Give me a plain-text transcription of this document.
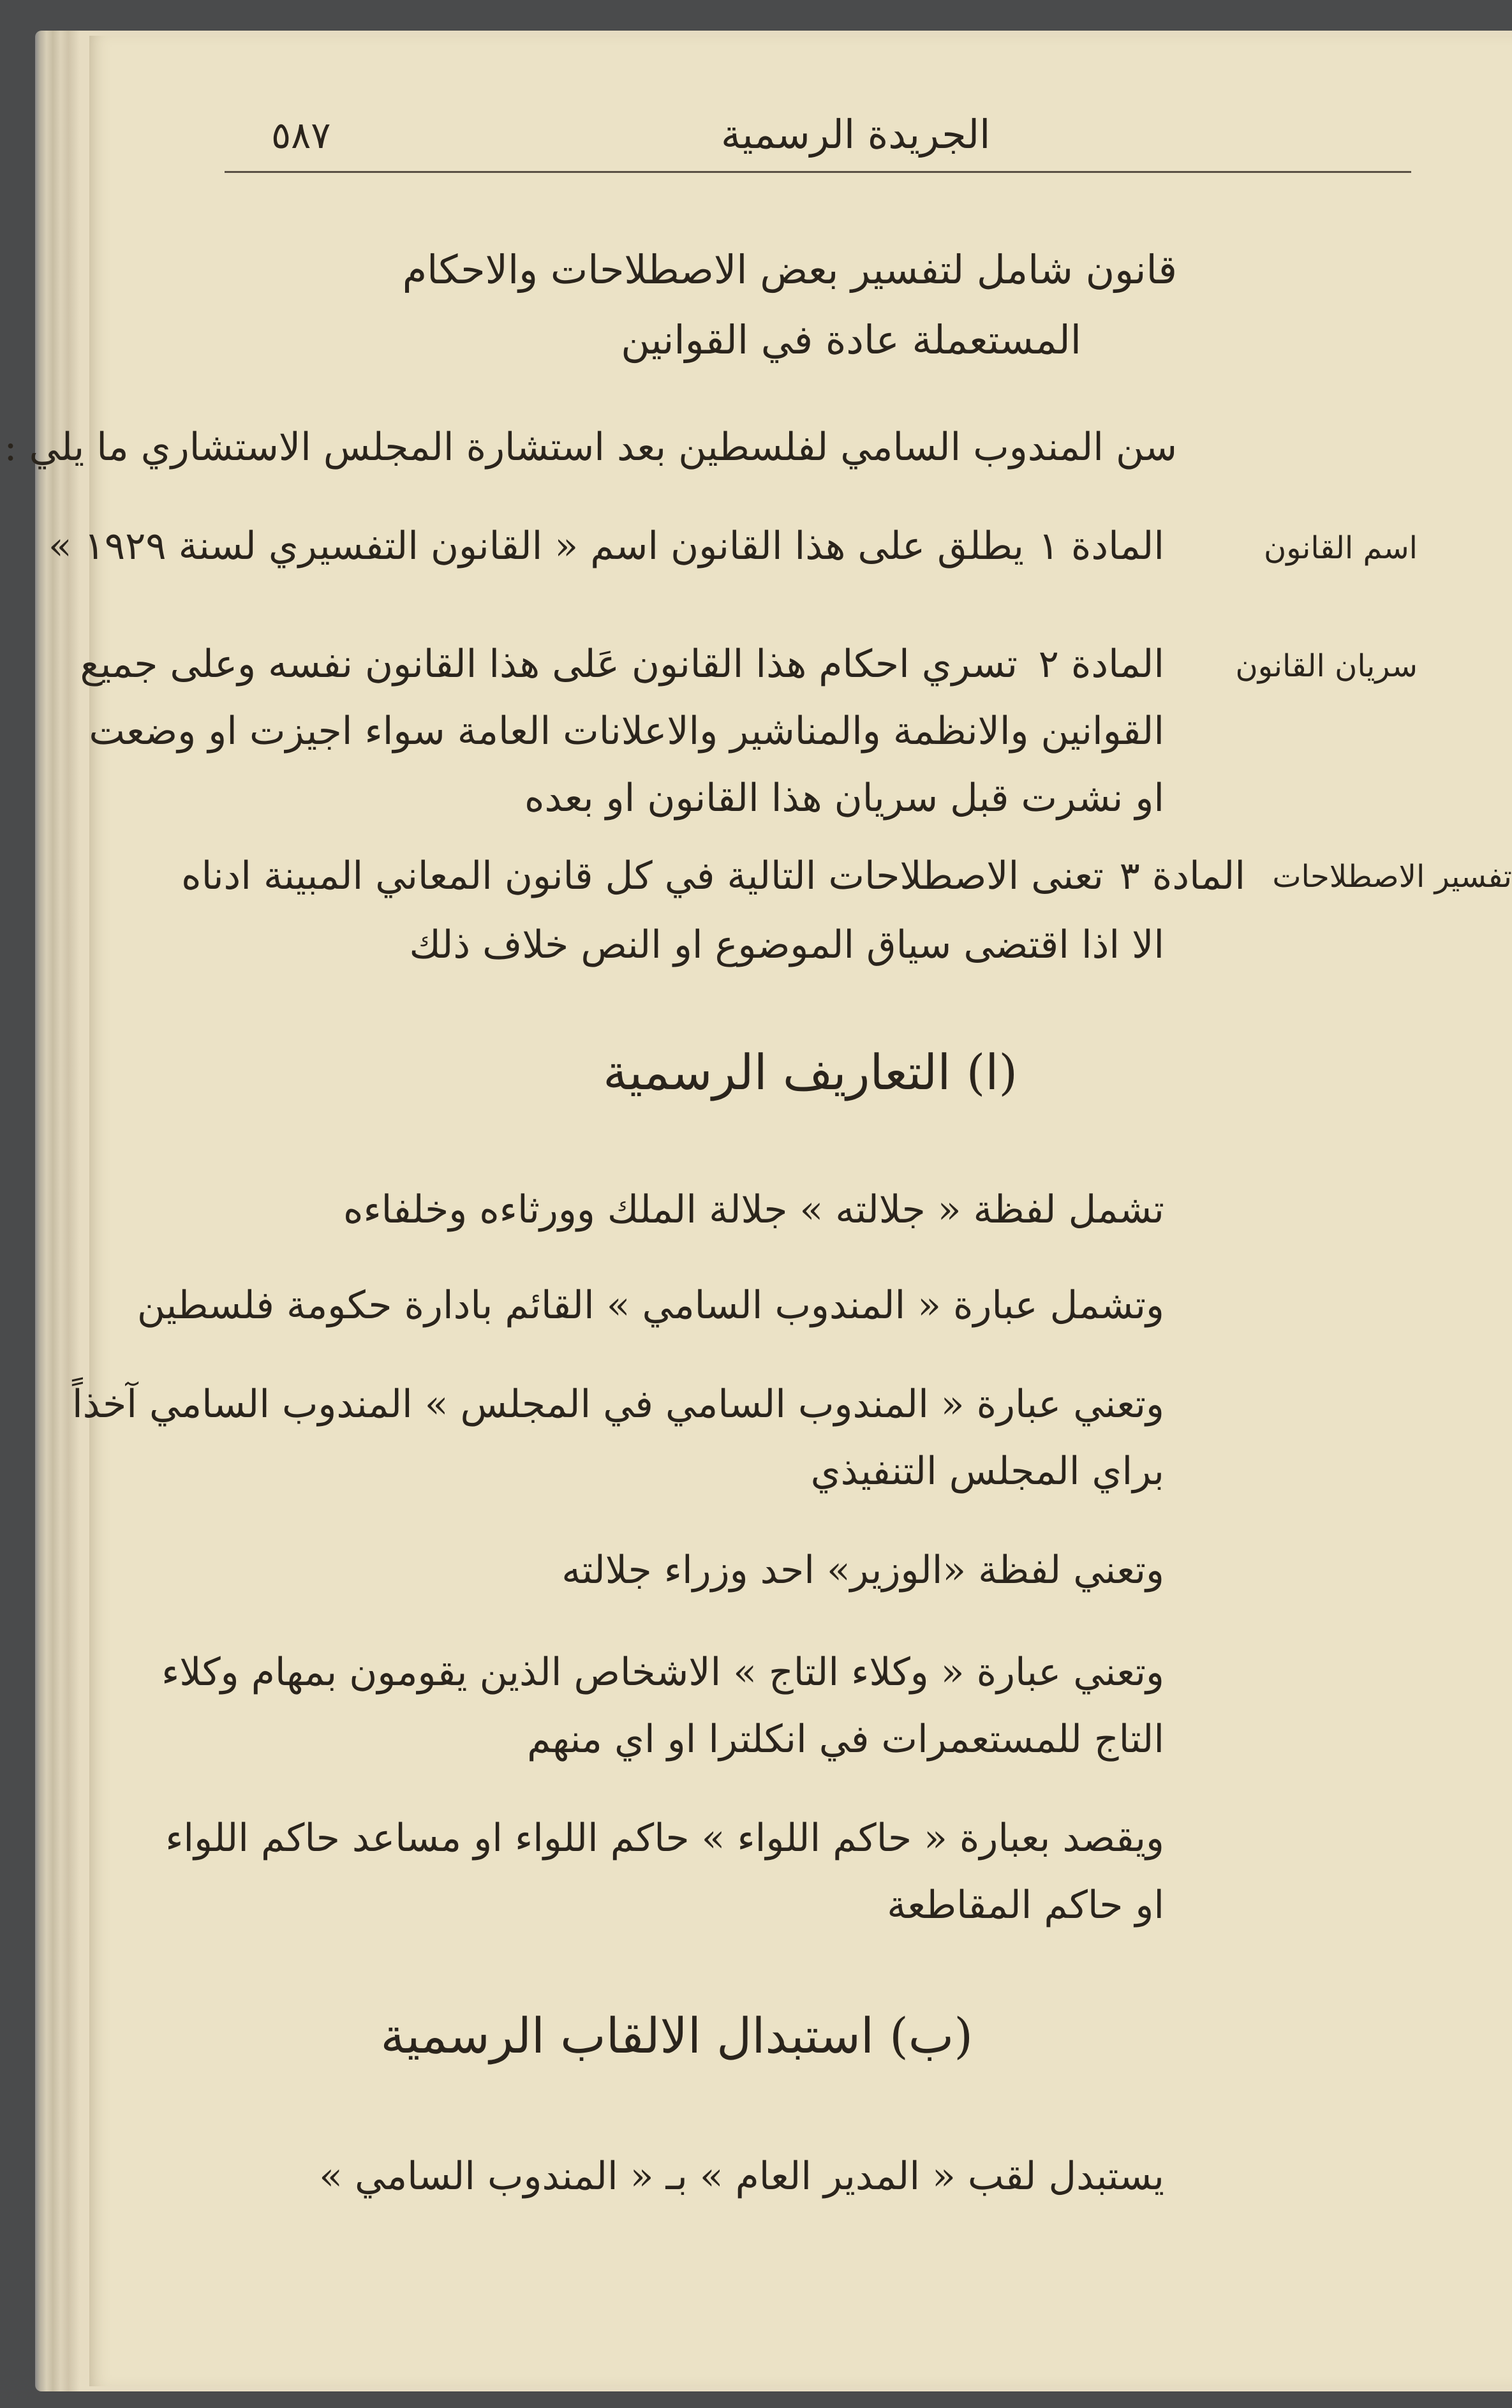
٥٨٧	الجريدة الرسمية
قانون شامل لتفسير بعض الاصطلاحات والاحكام
المستعملة عادة في القوانين
سن المندوب السامي لفلسطين بعد استشارة المجلس الاستشاري ما يلي :
اسم القانون
المادة ١
يطلق على هذا القانون اسم « القانون التفسيري لسنة ١٩٢٩ »
سريان القانون
المادة ٢
تسري احكام هذا القانون عَلى هذا القانون نفسه وعلى جميع
القوانين والانظمة والمناشير والاعلانات العامة سواء اجيزت او وضعت
او نشرت قبل سريان هذا القانون او بعده
تفسير الاصطلاحات
المادة ٣
تعنى الاصطلاحات التالية في كل قانون المعاني المبينة ادناه
الا اذا اقتضى سياق الموضوع او النص خلاف ذلك
(ا) التعاريف الرسمية
تشمل لفظة « جلالته » جلالة الملك وورثاءه وخلفاءه
وتشمل عبارة « المندوب السامي » القائم بادارة حكومة فلسطين
وتعني عبارة « المندوب السامي في المجلس » المندوب السامي آخذاً
براي المجلس التنفيذي
وتعني لفظة «الوزير» احد وزراء جلالته
وتعني عبارة « وكلاء التاج » الاشخاص الذين يقومون بمهام وكلاء
التاج للمستعمرات في انكلترا او اي منهم
ويقصد بعبارة « حاكم اللواء » حاكم اللواء او مساعد حاكم اللواء
او حاكم المقاطعة
(ب) استبدال الالقاب الرسمية
يستبدل لقب « المدير العام » بـ « المندوب السامي »
